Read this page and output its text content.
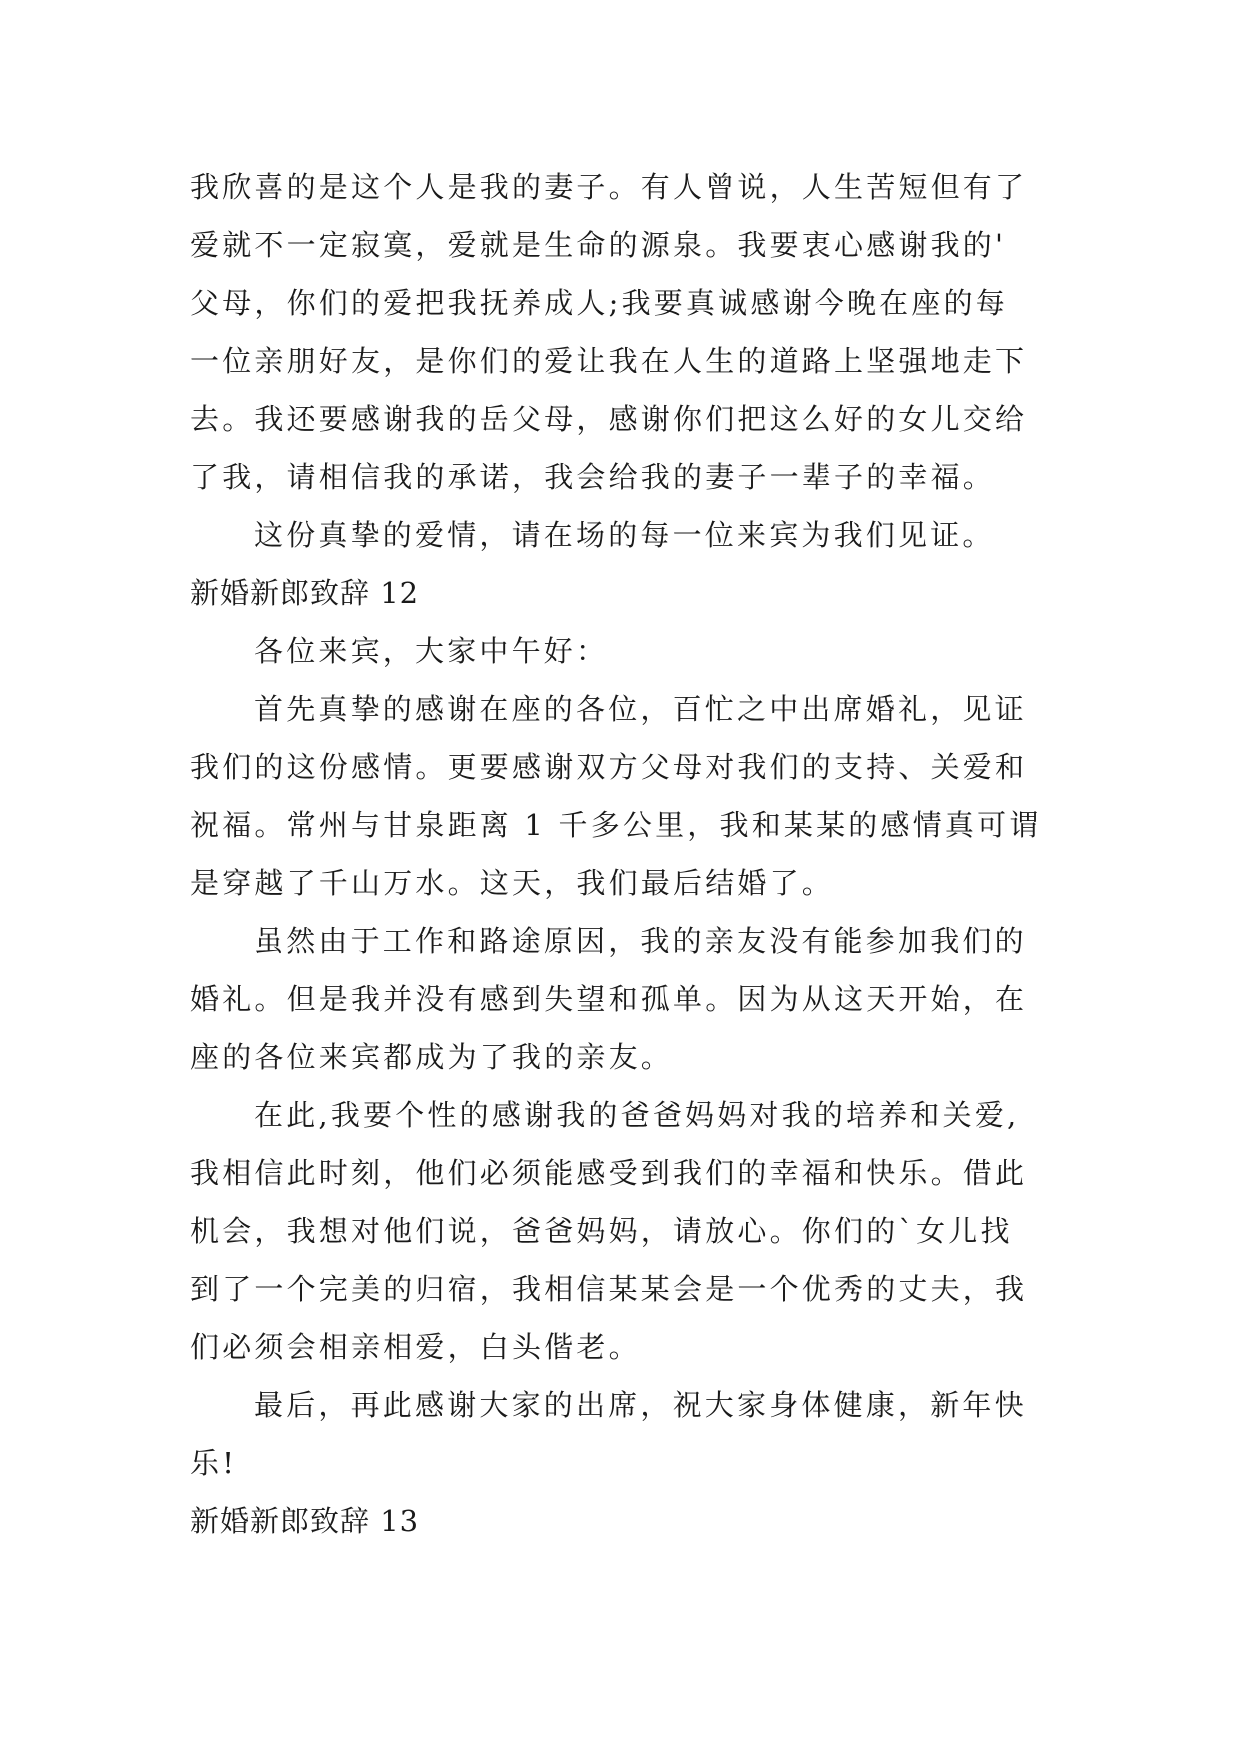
我欣喜的是这个人是我的妻子。有人曾说，人生苦短但有了
爱就不一定寂寞，爱就是生命的源泉。我要衷心感谢我的'
父母，你们的爱把我抚养成人;我要真诚感谢今晚在座的每
一位亲朋好友，是你们的爱让我在人生的道路上坚强地走下
去。我还要感谢我的岳父母，感谢你们把这么好的女儿交给
了我，请相信我的承诺，我会给我的妻子一辈子的幸福。
这份真挚的爱情，请在场的每一位来宾为我们见证。
新婚新郎致辞 12
各位来宾，大家中午好：
首先真挚的感谢在座的各位，百忙之中出席婚礼，见证
我们的这份感情。更要感谢双方父母对我们的支持、关爱和
祝福。常州与甘泉距离 1 千多公里，我和某某的感情真可谓
是穿越了千山万水。这天，我们最后结婚了。
虽然由于工作和路途原因，我的亲友没有能参加我们的
婚礼。但是我并没有感到失望和孤单。因为从这天开始，在
座的各位来宾都成为了我的亲友。
在此,我要个性的感谢我的爸爸妈妈对我的培养和关爱,
我相信此时刻，他们必须能感受到我们的幸福和快乐。借此
机会，我想对他们说，爸爸妈妈，请放心。你们的`女儿找
到了一个完美的归宿，我相信某某会是一个优秀的丈夫，我
们必须会相亲相爱，白头偕老。
最后，再此感谢大家的出席，祝大家身体健康，新年快
乐!
新婚新郎致辞 13
